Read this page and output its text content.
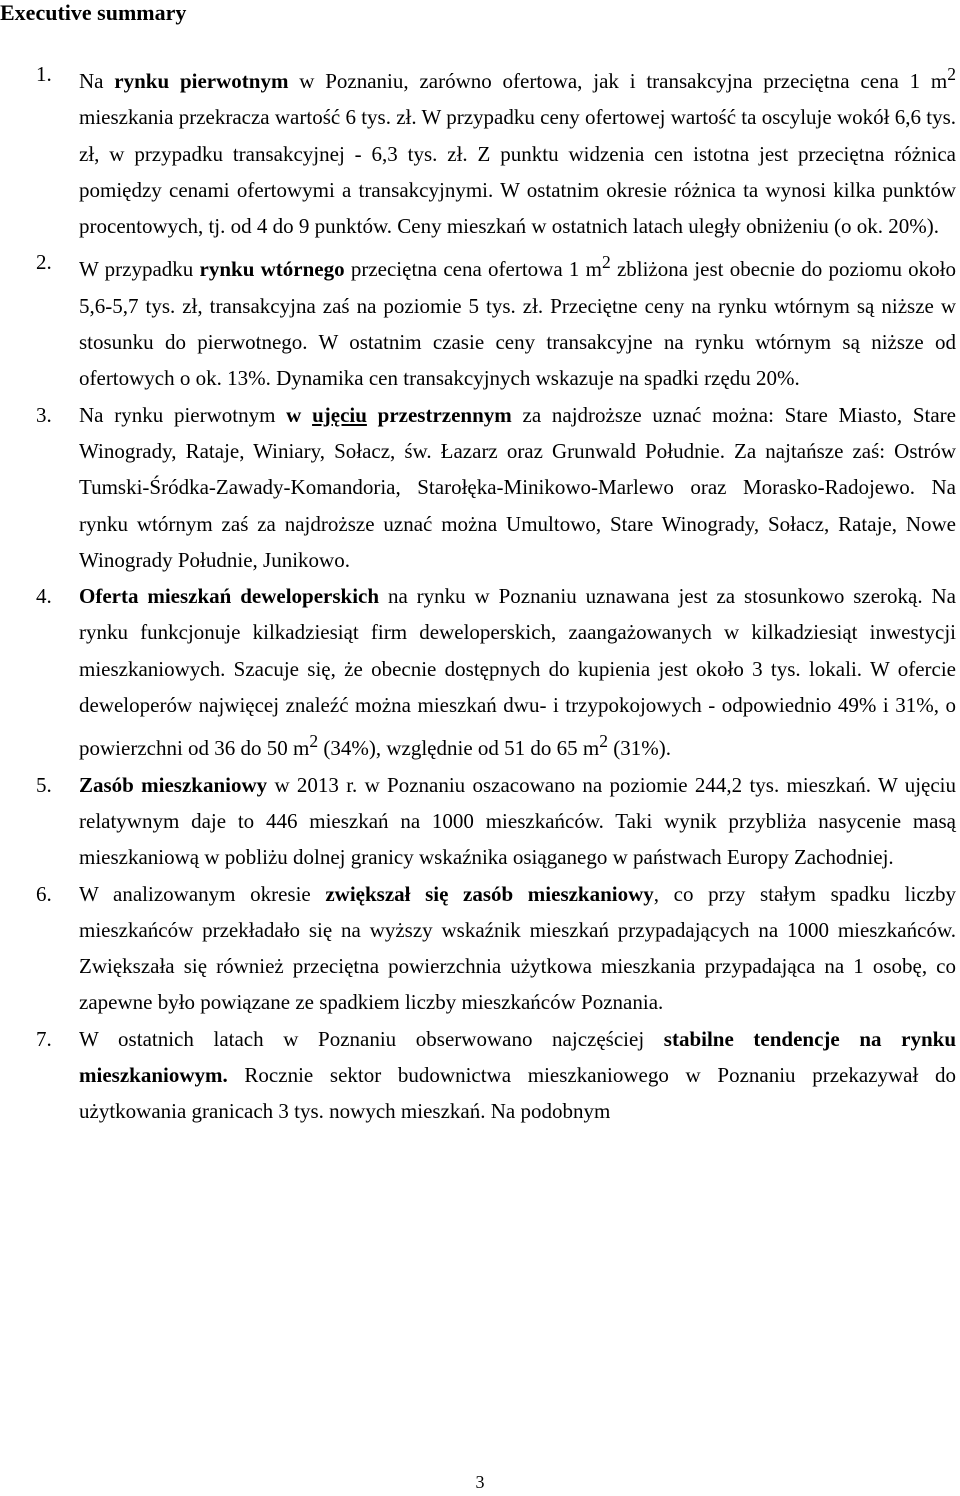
Executive summary
1.	Na rynku pierwotnym w Poznaniu, zarówno ofertowa, jak i transakcyjna przeciętna cena 1 $m^2$ mieszkania przekracza wartość 6 tys. zł. W przypadku ceny ofertowej wartość ta oscyluje wokół 6,6 tys. zł, w przypadku transakcyjnej - 6,3 tys. zł. Z punktu widzenia cen istotna jest przeciętna różnica pomiędzy cenami ofertowymi a transakcyjnymi. W ostatnim okresie różnica ta wynosi kilka punktów procentowych, tj. od 4 do 9 punktów. Ceny mieszkań w ostatnich latach uległy obniżeniu (o ok. 20%).
2.	W przypadku rynku wtórnego przeciętna cena ofertowa 1 $m^2$ zbliżona jest obecnie do poziomu około 5,6-5,7 tys. zł, transakcyjna zaś na poziomie 5 tys. zł. Przeciętne ceny na rynku wtórnym są niższe w stosunku do pierwotnego. W ostatnim czasie ceny transakcyjne na rynku wtórnym są niższe od ofertowych o ok. 13%. Dynamika cen transakcyjnych wskazuje na spadki rzędu 20%.
3.	Na rynku pierwotnym w ujęciu przestrzennym za najdroższe uznać można: Stare Miasto, Stare Winogrady, Rataje, Winiary, Sołacz, św. Łazarz oraz Grunwald Południe. Za najtańsze zaś: Ostrów Tumski-Śródka-Zawady-Komandoria, Starołęka-Minikowo-Marlewo oraz Morasko-Radojewo. Na rynku wtórnym zaś za najdroższe uznać można Umultowo, Stare Winogrady, Sołacz, Rataje, Nowe Winogrady Południe, Junikowo.
4.	Oferta mieszkań deweloperskich na rynku w Poznaniu uznawana jest za stosunkowo szeroką. Na rynku funkcjonuje kilkadziesiąt firm deweloperskich, zaangażowanych w kilkadziesiąt inwestycji mieszkaniowych. Szacuje się, że obecnie dostępnych do kupienia jest około 3 tys. lokali. W ofercie deweloperów najwięcej znaleźć można mieszkań dwu- i trzypokojowych - odpowiednio 49% i 31%, o powierzchni od 36 do 50 $m^2$ (34%), względnie od 51 do 65 $m^2$ (31%).
5.	Zasób mieszkaniowy w 2013 r. w Poznaniu oszacowano na poziomie 244,2 tys. mieszkań. W ujęciu relatywnym daje to 446 mieszkań na 1000 mieszkańców. Taki wynik przybliża nasycenie masą mieszkaniową w pobliżu dolnej granicy wskaźnika osiąganego w państwach Europy Zachodniej.
6.	W analizowanym okresie zwiększał się zasób mieszkaniowy, co przy stałym spadku liczby mieszkańców przekładało się na wyższy wskaźnik mieszkań przypadających na 1000 mieszkańców. Zwiększała się również przeciętna powierzchnia użytkowa mieszkania przypadająca na 1 osobę, co zapewne było powiązane ze spadkiem liczby mieszkańców Poznania.
7.	W ostatnich latach w Poznaniu obserwowano najczęściej stabilne tendencje na rynku mieszkaniowym. Rocznie sektor budownictwa mieszkaniowego w Poznaniu przekazywał do użytkowania granicach 3 tys. nowych mieszkań. Na podobnym
3
